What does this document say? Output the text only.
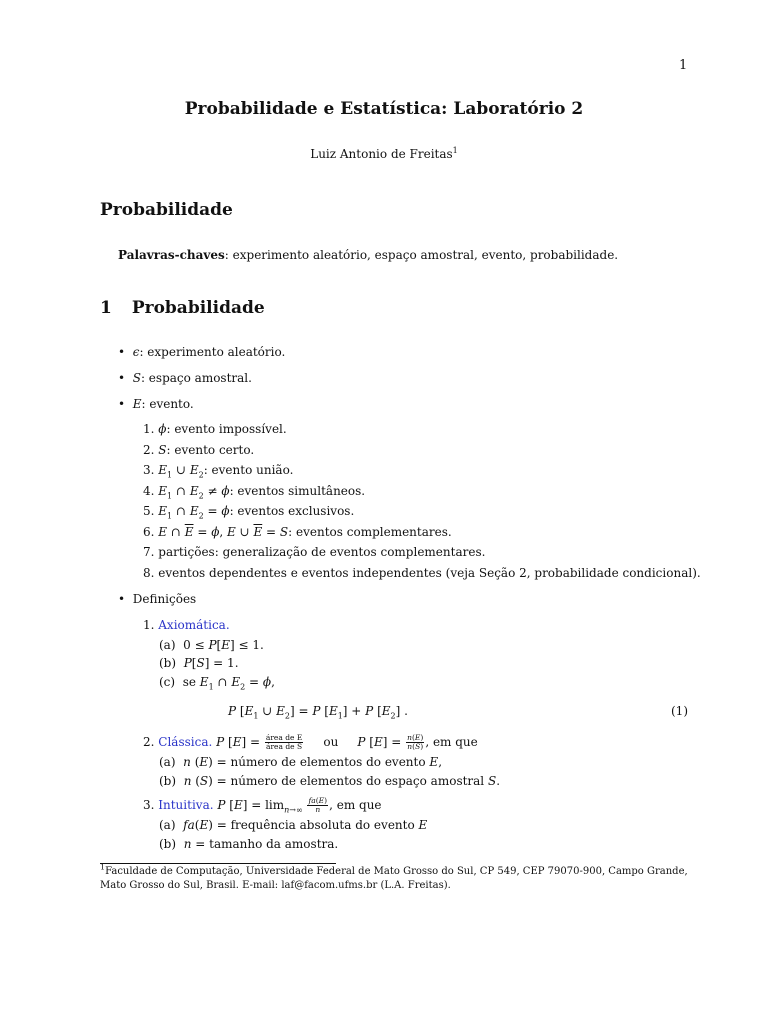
1
Probabilidade e Estatística: Laboratório 2
Luiz Antonio de Freitas$^1$
Probabilidade
Palavras-chaves: experimento aleatório, espaço amostral, evento, probabilidade.
1 Probabilidade
•  ϵ: experimento aleatório.
•  S: espaço amostral.
•  E: evento.
1. ϕ: evento impossível.
2. S: evento certo.
3. $E_1$ ∪ $E_2$: evento união.
4. $E_1$ ∩ $E_2 \ne \phi$: eventos simultâneos.
5. $E_1$ ∩ $E_2 = \phi$: eventos exclusivos.
6. E ∩ $\overline{E} = \phi$, E ∪ $\overline{E} = S$: eventos complementares.
7. partições: generalização de eventos complementares.
8. eventos dependentes e eventos independentes (veja Seção 2, probabilidade condicional).
•  Definições
1. Axiomática.
(a)  0 ≤ P[E] ≤ 1.
(b)  P[S] = 1.
(c)  se $E_1$ ∩ $E_2 = \phi$,
P [$E_1$ ∪ $E_2] = P$ $[E_1] + P$ $[E_2]$ .	(1)
2. Clássica. P $[E] = \frac{\text{área de E}}{\text{área de S}}$ ou P $[E] = \frac{n(E)}{n(S)}$ , em que
(a)  n (E) = número de elementos do evento E,
(b)  n (S) = número de elementos do espaço amostral S.
3. Intuitiva. P $[E] = \lim_{n\to\infty} \frac{fa(E)}{n}$ , em que
(a)  fa(E) = frequência absoluta do evento E
(b)  n = tamanho da amostra.
$^1$Faculdade de Computação, Universidade Federal de Mato Grosso do Sul, CP 549, CEP 79070-900, Campo Grande, Mato Grosso do Sul, Brasil. E-mail: laf@facom.ufms.br (L.A. Freitas).
